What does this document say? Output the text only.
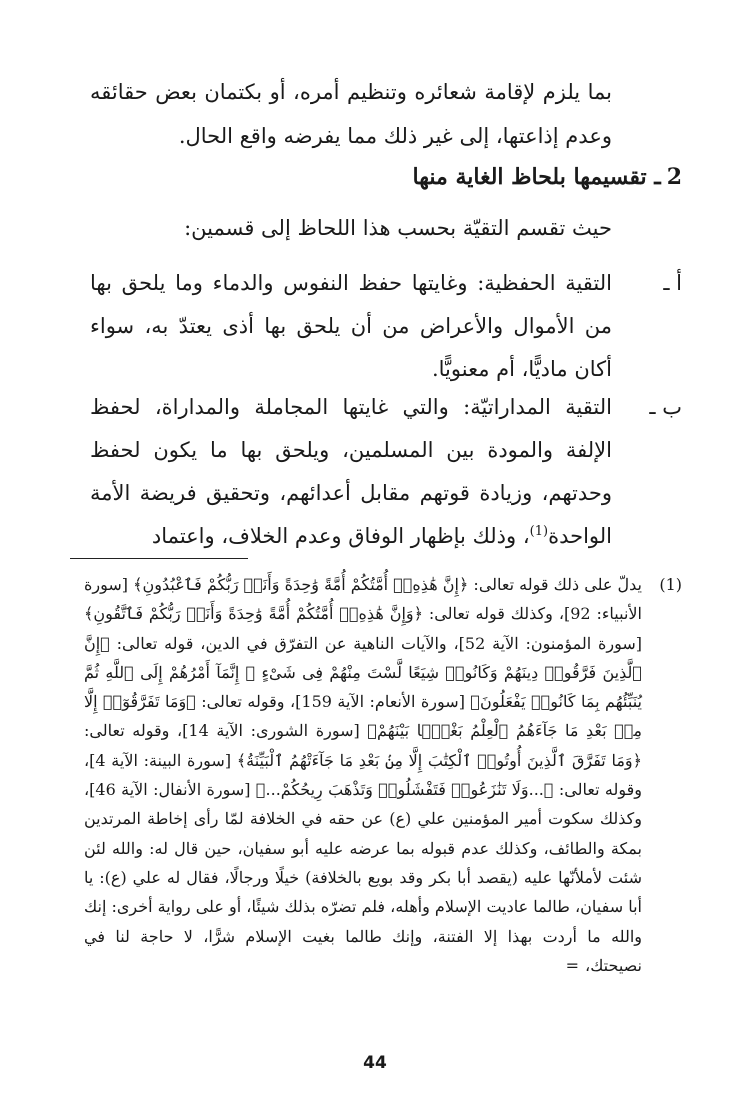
بما يلزم لإقامة شعائره وتنظيم أمره، أو بكتمان بعض حقائقه وعدم إذاعتها، إلى غير ذلك مما يفرضه واقع الحال.

2ـ تقسيمها بلحاظ الغاية منها

حيث تقسم التقيّة بحسب هذا اللحاظ إلى قسمين:

أ ـ

التقية الحفظية: وغايتها حفظ النفوس والدماء وما يلحق بها من الأموال والأعراض من أن يلحق بها أذى يعتدّ به، سواء أكان ماديًّا، أم معنويًّا.

ب ـ

التقية المداراتيّة: والتي غايتها المجاملة والمداراة، لحفظ الإلفة والمودة بين المسلمين، ويلحق بها ما يكون لحفظ وحدتهم، وزيادة قوتهم مقابل أعدائهم، وتحقيق فريضة الأمة الواحدة$^{(1)}$، وذلك بإظهار الوفاق وعدم الخلاف، واعتماد

(1)

يدلّ على ذلك قوله تعالى: ﴿إِنَّ هَٰذِهِۦٓ أُمَّتُكُمْ أُمَّةً وَٰحِدَةً وَأَنَا۠ رَبُّكُمْ فَٱعْبُدُونِ﴾ [سورة الأنبياء: 92]، وكذلك قوله تعالى: ﴿وَإِنَّ هَٰذِهِۦٓ أُمَّتُكُمْ أُمَّةً وَٰحِدَةً وَأَنَا۠ رَبُّكُمْ فَٱتَّقُونِ﴾ [سورة المؤمنون: الآية 52]، والآيات الناهية عن التفرّق في الدين، قوله تعالى: ﴿إِنَّ ٱلَّذِينَ فَرَّقُوا۟ دِينَهُمْ وَكَانُوا۟ شِيَعًا لَّسْتَ مِنْهُمْ فِى شَىْءٍ ۚ إِنَّمَآ أَمْرُهُمْ إِلَى ٱللَّهِ ثُمَّ يُنَبِّئُهُم بِمَا كَانُوا۟ يَفْعَلُونَ﴾ [سورة الأنعام: الآية 159]، وقوله تعالى: ﴿وَمَا تَفَرَّقُوٓا۟ إِلَّا مِنۢ بَعْدِ مَا جَآءَهُمُ ٱلْعِلْمُ بَغْيًۢا بَيْنَهُمْ﴾ [سورة الشورى: الآية 14]، وقوله تعالى: ﴿وَمَا تَفَرَّقَ ٱلَّذِينَ أُوتُوا۟ ٱلْكِتَٰبَ إِلَّا مِنۢ بَعْدِ مَا جَآءَتْهُمُ ٱلْبَيِّنَةُ﴾ [سورة البينة: الآية 4]، وقوله تعالى: ﴿...وَلَا تَنَٰزَعُوا۟ فَتَفْشَلُوا۟ وَتَذْهَبَ رِيحُكُمْ...﴾ [سورة الأنفال: الآية 46]، وكذلك سكوت أمير المؤمنين علي (ع) عن حقه في الخلافة لمّا رأى إخاطة المرتدين بمكة والطائف، وكذلك عدم قبوله بما عرضه عليه أبو سفيان، حين قال له: والله لئن شئت لأملأنّها عليه (يقصد أبا بكر وقد بويع بالخلافة) خيلًا ورجالًا، فقال له علي (ع): يا أبا سفيان، طالما عاديت الإسلام وأهله، فلم تضرّه بذلك شيئًا، أو على رواية أخرى: إنك والله ما أردت بهذا إلا الفتنة، وإنك طالما بغيت الإسلام شرًّا، لا حاجة لنا في نصيحتك،=

44
